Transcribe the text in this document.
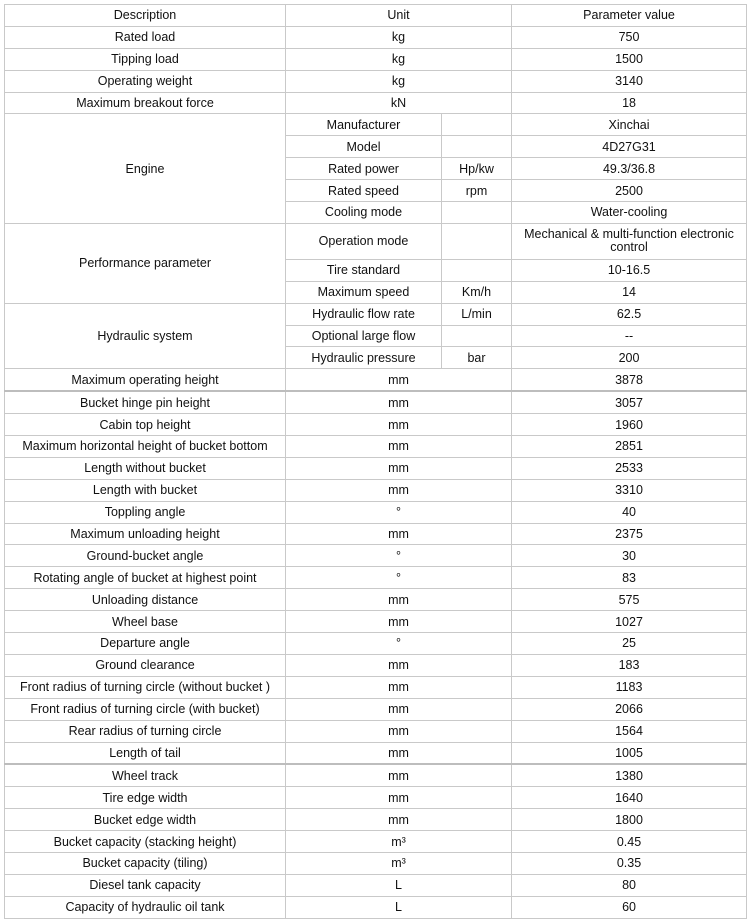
Description	Unit		Parameter value
Rated load	kg		750
Tipping load	kg		1500
Operating weight	kg		3140
Maximum breakout force	kN		18
Engine	Manufacturer		Xinchai
	Model		4D27G31
	Rated power	Hp/kw	49.3/36.8
	Rated speed	rpm	2500
	Cooling mode		Water-cooling
Performance parameter	Operation mode		Mechanical & multi-function electronic control
	Tire standard		10-16.5
	Maximum speed	Km/h	14
Hydraulic system	Hydraulic flow rate	L/min	62.5
	Optional large flow		--
	Hydraulic pressure	bar	200
Maximum operating height	mm		3878
Bucket hinge pin height	mm		3057
Cabin top height	mm		1960
Maximum horizontal height of bucket bottom	mm		2851
Length without bucket	mm		2533
Length with bucket	mm		3310
Toppling angle	°		40
Maximum unloading height	mm		2375
Ground-bucket angle	°		30
Rotating angle of bucket at highest point	°		83
Unloading distance	mm		575
Wheel base	mm		1027
Departure angle	°		25
Ground clearance	mm		183
Front radius of turning circle (without bucket )	mm		1183
Front radius of turning circle (with bucket)	mm		2066
Rear radius of turning circle	mm		1564
Length of tail	mm		1005
Wheel track	mm		1380
Tire edge width	mm		1640
Bucket edge width	mm		1800
Bucket capacity (stacking height)	m³		0.45
Bucket capacity (tiling)	m³		0.35
Diesel tank capacity	L		80
Capacity of hydraulic oil tank	L		60
